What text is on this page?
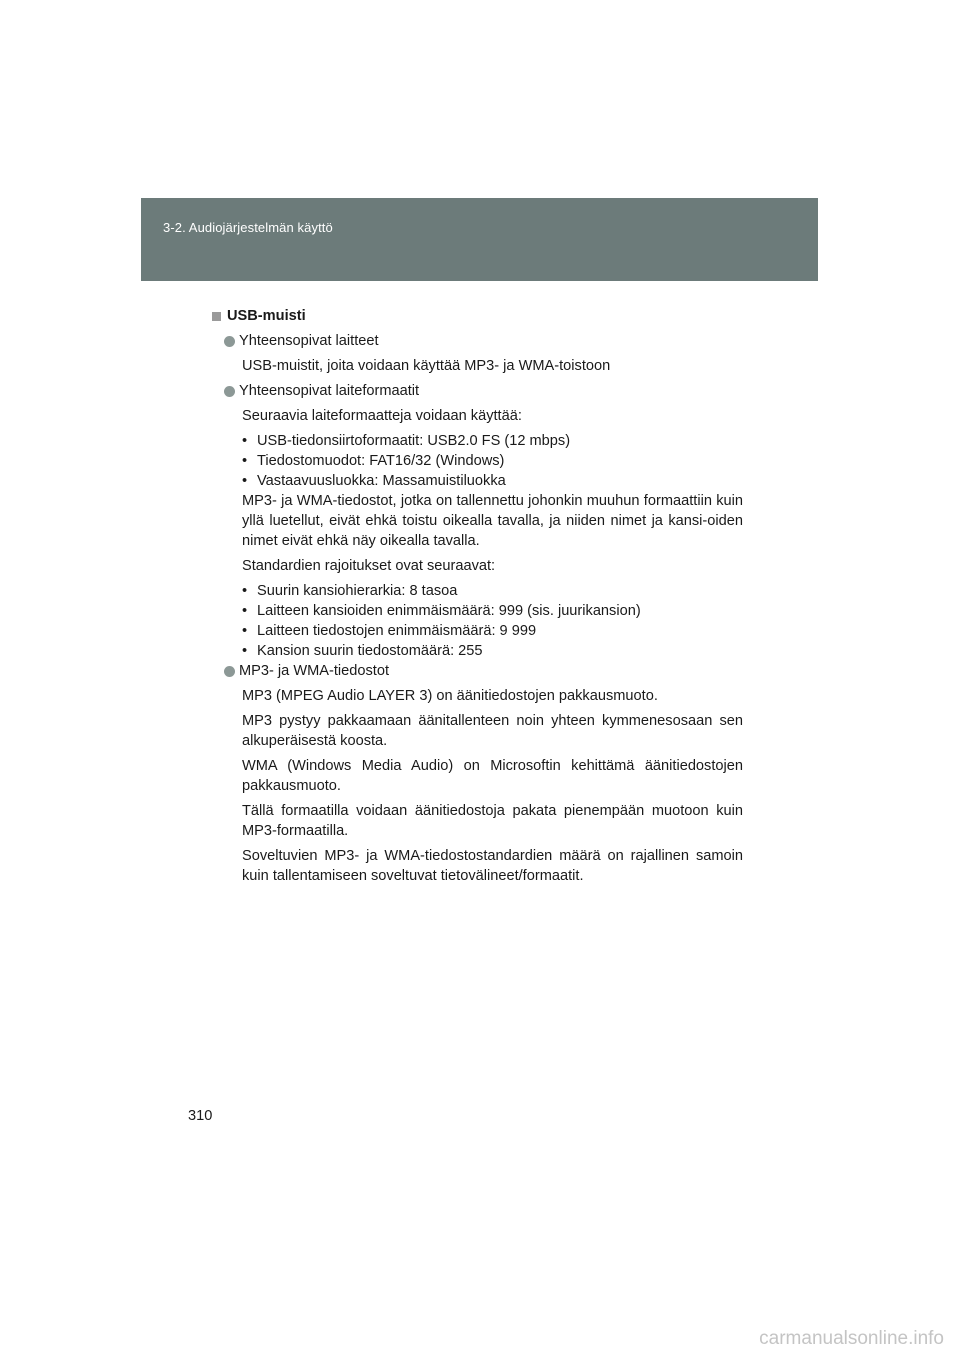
3-2. Audiojärjestelmän käyttö
USB-muisti
Yhteensopivat laitteet

USB-muistit, joita voidaan käyttää MP3- ja WMA-toistoon

Yhteensopivat laiteformaatit

Seuraavia laiteformaatteja voidaan käyttää:

• USB-tiedonsiirtoformaatit: USB2.0 FS (12 mbps)
• Tiedostomuodot: FAT16/32 (Windows)
• Vastaavuusluokka: Massamuistiluokka

MP3- ja WMA-tiedostot, jotka on tallennettu johonkin muuhun formaattiin kuin yllä luetellut, eivät ehkä toistu oikealla tavalla, ja niiden nimet ja kansi-oiden nimet eivät ehkä näy oikealla tavalla.

Standardien rajoitukset ovat seuraavat:

• Suurin kansiohierarkia: 8 tasoa
• Laitteen kansioiden enimmäismäärä: 999 (sis. juurikansion)
• Laitteen tiedostojen enimmäismäärä: 9 999
• Kansion suurin tiedostomäärä: 255
MP3- ja WMA-tiedostot

MP3 (MPEG Audio LAYER 3) on äänitiedostojen pakkausmuoto.

MP3 pystyy pakkaamaan äänitallenteen noin yhteen kymmenesosaan sen alkuperäisestä koosta.

WMA (Windows Media Audio) on Microsoftin kehittämä äänitiedostojen pakkausmuoto.

Tällä formaatilla voidaan äänitiedostoja pakata pienempään muotoon kuin MP3-formaatilla.

Soveltuvien MP3- ja WMA-tiedostostandardien määrä on rajallinen samoin kuin tallentamiseen soveltuvat tietovälineet/formaatit.

310
carmanualsonline.info
